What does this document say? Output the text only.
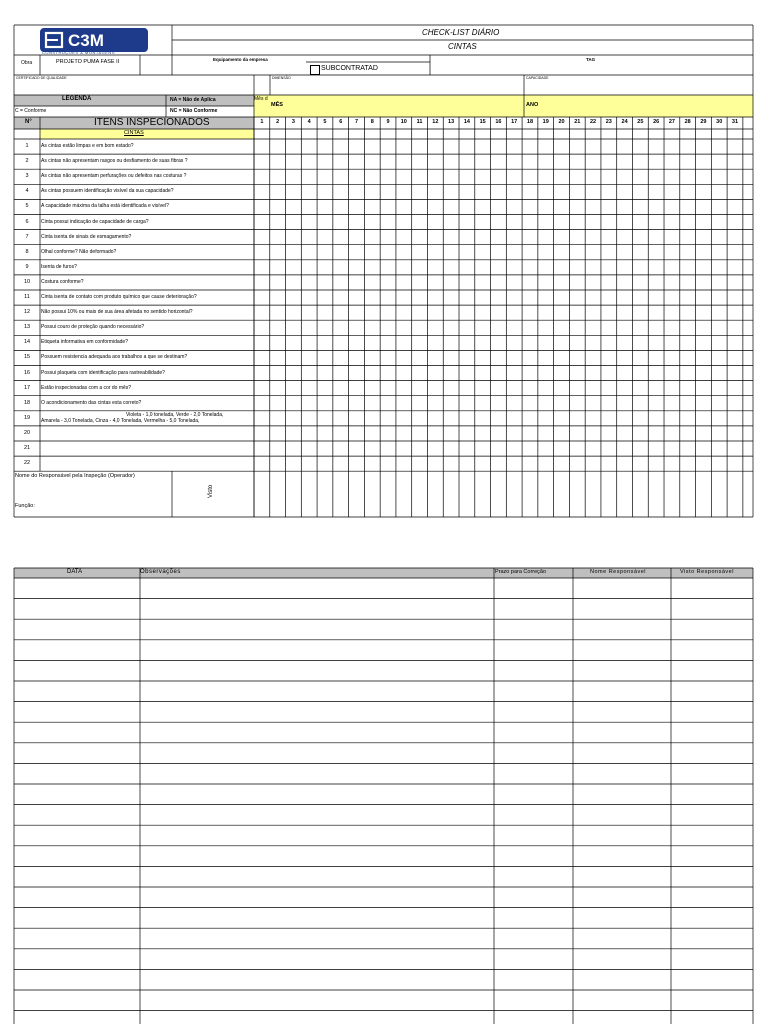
C3M
CONSTRUÇÕES & MONTAGENS
CHECK-LIST DIÁRIO
CINTAS
Obra	PROJETO PUMA FASE II	Equipamento da empresa
SUBCONTRATAD
TAG
CERTIFICADO DE QUALIDADE	DIMENSÃO	CAPACIDADE
LEGENDA	NA = Não de Aplica
C = Conforme	NC = Não Conforme
Mês d
MÊS	ANO
N°	ITENS INSPECIONADOS
CINTAS
1	2	3	4	5	6	7	8	9	10	11	12	13	14	15	16	17	18	19	20	21	22	23	24	25	26	27	28	29	30	31
1	As cintas estão limpas e em bom estado?
2	As cintas não apresentam rasgos ou desfiamento de suas fibras ?
3	As cintas não apresentam perfurações ou defeitos nas costuras ?
4	As cintas possuem identificação visível da sua capacidade?
5	A capacidade máxima da talha está identificada e visível?
6	Cinta possui indicação de capacidade de carga?
7	Cinta isenta de sinais de esmagamento?
8	Olhal conforme? Não deformado?
9	Isenta de furos?
10	Costura conforme?
11	Cinta isenta de contato com produto químico que cause deterioração?
12	Não possui 10% ou mais de sua área afetada no sentido horizontal?
13	Possui couro de proteção quando necessário?
14	Etiqueta informativa em conformidade?
15	Possuem resistencia adequada aos trabalhos a que se destinam?
16	Possui plaqueta com identificação para rastreabilidade?
17	Estão inspecionadas com a cor do mês?
18	O acondicionamento das cintas esta correto?
19	Violeta - 1,0 tonelada, Verde - 2,0 Tonelada,
Amarela - 3,0 Tonelada, Cinza - 4,0 Tonelada, Vermelha - 5,0 Tonelada,
20
21
22
Nome do Responsável pela Inspeção (Operador)
Visto
Função:
DATA	Observações	Prazo para Correção	Nome Responsável	Visto Responsável
